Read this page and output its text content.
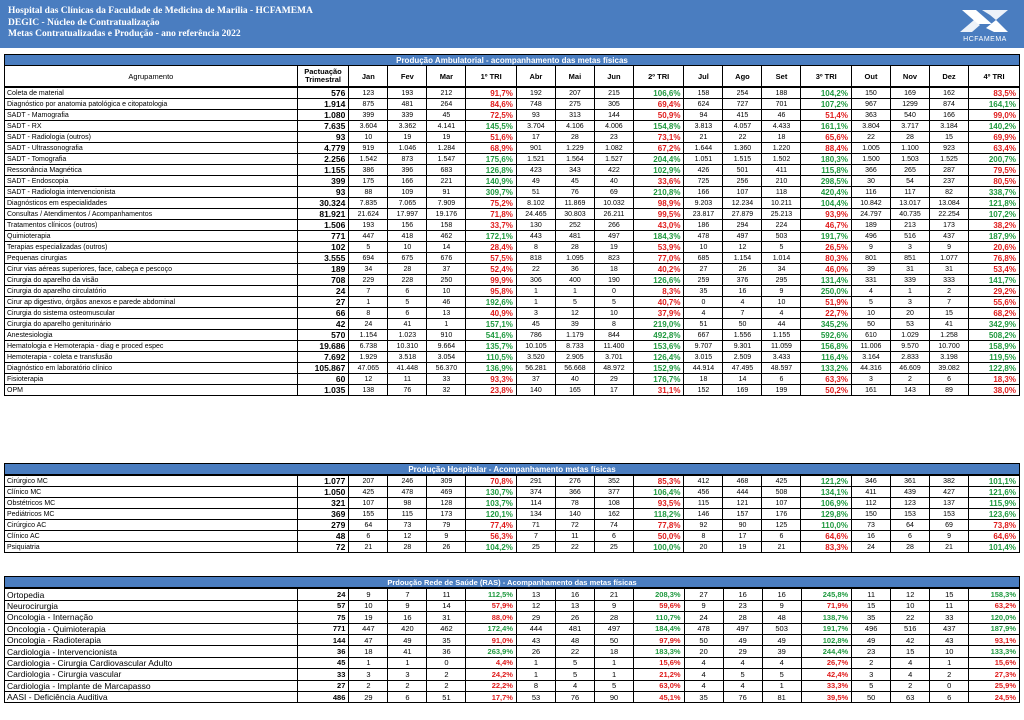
Hospital das Clínicas da Faculdade de Medicina de Marília - HCFAMEMA
DEGIC - Núcleo de Contratualização
Metas Contratualizadas e Produção - ano referência 2022
HCFAMEMA
Produção Ambulatorial - acompanhamento das metas físicas																	
Agrupamento	Pactuação Trimestral	Jan	Fev	Mar	1º TRI	Abr	Mai	Jun	2º TRI	Jul	Ago	Set	3º TRI	Out	Nov	Dez	4º TRI
Coleta de material	576	123	193	212	91,7%	192	207	215	106,6%	158	254	188	104,2%	150	169	162	83,5%
Diagnóstico por anatomia patológica e citopatologia	1.914	875	481	264	84,6%	748	275	305	69,4%	624	727	701	107,2%	967	1299	874	164,1%
SADT - Mamografia	1.080	399	339	45	72,5%	93	313	144	50,9%	94	415	46	51,4%	363	540	166	99,0%
SADT - RX	7.635	3.604	3.362	4.141	145,5%	3.704	4.106	4.006	154,8%	3.813	4.057	4.433	161,1%	3.804	3.717	3.184	140,2%
SADT - Radiologia (outros)	93	10	19	19	51,6%	17	28	23	73,1%	21	22	18	65,6%	22	28	15	69,9%
SADT - Ultrassonografia	4.779	919	1.046	1.284	68,9%	901	1.229	1.082	67,2%	1.644	1.360	1.220	88,4%	1.005	1.100	923	63,4%
SADT - Tomografia	2.256	1.542	873	1.547	175,6%	1.521	1.564	1.527	204,4%	1.051	1.515	1.502	180,3%	1.500	1.503	1.525	200,7%
Ressonância Magnética	1.155	386	396	683	126,8%	423	343	422	102,9%	426	501	411	115,8%	366	265	287	79,5%
SADT - Endoscopia	399	175	166	221	140,9%	49	45	40	33,6%	725	256	210	298,5%	30	54	237	80,5%
SADT - Radiologia intervencionista	93	88	109	91	309,7%	51	76	69	210,8%	166	107	118	420,4%	116	117	82	338,7%
Diagnósticos em especialidades	30.324	7.835	7.065	7.909	75,2%	8.102	11.869	10.032	98,9%	9.203	12.234	10.211	104,4%	10.842	13.017	13.084	121,8%
Consultas / Atendimentos / Acompanhamentos	81.921	21.624	17.997	19.176	71,8%	24.465	30.803	26.211	99,5%	23.817	27.879	25.213	93,9%	24.797	40.735	22.254	107,2%
Tratamentos clínicos (outros)	1.506	193	156	158	33,7%	130	252	266	43,0%	186	294	224	46,7%	189	213	173	38,2%
Quimioterapia	771	447	418	462	172,1%	443	481	497	184,3%	478	497	503	191,7%	496	516	437	187,9%
Terapias especializadas (outros)	102	5	10	14	28,4%	8	28	19	53,9%	10	12	5	26,5%	9	3	9	20,6%
Pequenas cirurgias	3.555	694	675	676	57,5%	818	1.095	823	77,0%	685	1.154	1.014	80,3%	801	851	1.077	76,8%
Cirur vias aéreas superiores, face, cabeça e pescoço	189	34	28	37	52,4%	22	36	18	40,2%	27	26	34	46,0%	39	31	31	53,4%
Cirurgia do aparelho da visão	708	229	228	250	99,9%	306	400	190	126,6%	259	376	295	131,4%	331	339	333	141,7%
Cirurgia do aparelho circulatório	24	7	6	10	95,8%	1	1	0	8,3%	35	16	9	250,0%	4	1	2	29,2%
Cirur ap digestivo, órgãos anexos e parede abdominal	27	1	5	46	192,6%	1	5	5	40,7%	0	4	10	51,9%	5	3	7	55,6%
Cirurgia do sistema osteomuscular	66	8	6	13	40,9%	3	12	10	37,9%	4	7	4	22,7%	10	20	15	68,2%
Cirurgia do aparelho geniturinário	42	24	41	1	157,1%	45	39	8	219,0%	51	50	44	345,2%	50	53	41	342,9%
Anestesiologia	570	1.154	1.023	910	541,6%	786	1.179	844	492,8%	667	1.556	1.155	592,6%	610	1.029	1.258	508,2%
Hematologia e Hemoterapia - diag e proced espec	19.686	6.738	10.310	9.664	135,7%	10.105	8.733	11.400	153,6%	9.707	9.301	11.059	156,8%	11.006	9.570	10.700	158,9%
Hemoterapia - coleta e transfusão	7.692	1.929	3.518	3.054	110,5%	3.520	2.905	3.701	126,4%	3.015	2.509	3.433	116,4%	3.164	2.833	3.198	119,5%
Diagnóstico em laboratório clínico	105.867	47.065	41.448	56.370	136,9%	56.281	56.668	48.972	152,9%	44.914	47.495	48.597	133,2%	44.316	46.609	39.082	122,8%
Fisioterapia	60	12	11	33	93,3%	37	40	29	176,7%	18	14	6	63,3%	3	2	6	18,3%
OPM	1.035	138	76	32	23,8%	140	165	17	31,1%	152	169	199	50,2%	161	143	89	38,0%
Produção Hospitalar - Acompanhamento metas físicas																	
Cirúrgico MC	1.077	207	246	309	70,8%	291	276	352	85,3%	412	468	425	121,2%	346	361	382	101,1%
Clínico MC	1.050	425	478	469	130,7%	374	366	377	106,4%	456	444	508	134,1%	411	439	427	121,6%
Obstétricos MC	321	107	98	128	103,7%	114	78	108	93,5%	115	121	107	106,9%	112	123	137	115,9%
Pediátricos MC	369	155	115	173	120,1%	134	140	162	118,2%	146	157	176	129,8%	150	153	153	123,6%
Cirúrgico AC	279	64	73	79	77,4%	71	72	74	77,8%	92	90	125	110,0%	73	64	69	73,8%
Clínico AC	48	6	12	9	56,3%	7	11	6	50,0%	8	17	6	64,6%	16	6	9	64,6%
Psiquiatria	72	21	28	26	104,2%	25	22	25	100,0%	20	19	21	83,3%	24	28	21	101,4%
Prdoução Rede de Saúde (RAS) - Acompanhamento das metas físicas																	
Ortopedia	24	9	7	11	112,5%	13	16	21	208,3%	27	16	16	245,8%	11	12	15	158,3%
Neurocirurgia	57	10	9	14	57,9%	12	13	9	59,6%	9	23	9	71,9%	15	10	11	63,2%
Oncologia - Internação	75	19	16	31	88,0%	29	26	28	110,7%	24	28	48	138,7%	35	22	33	120,0%
Oncologia - Quimioterapia	771	447	420	462	172,4%	444	481	497	184,4%	478	497	503	191,7%	496	516	437	187,9%
Oncologia - Radioterapia	144	47	49	35	91,0%	43	48	50	97,9%	50	49	49	102,8%	49	42	43	93,1%
Cardiologia - Intervencionista	36	18	41	36	263,9%	26	22	18	183,3%	20	29	39	244,4%	23	15	10	133,3%
Cardiologia - Cirurgia Cardiovascular Adulto	45	1	1	0	4,4%	1	5	1	15,6%	4	4	4	26,7%	2	4	1	15,6%
Cardiologia - Cirurgia vascular	33	3	3	2	24,2%	1	5	1	21,2%	4	5	5	42,4%	3	4	2	27,3%
Cardiologia - Implante de Marcapasso	27	2	2	2	22,2%	8	4	5	63,0%	4	4	1	33,3%	5	2	0	25,9%
AASI - Deficiência Auditiva	486	29	6	51	17,7%	53	76	90	45,1%	35	76	81	39,5%	50	63	6	24,5%
